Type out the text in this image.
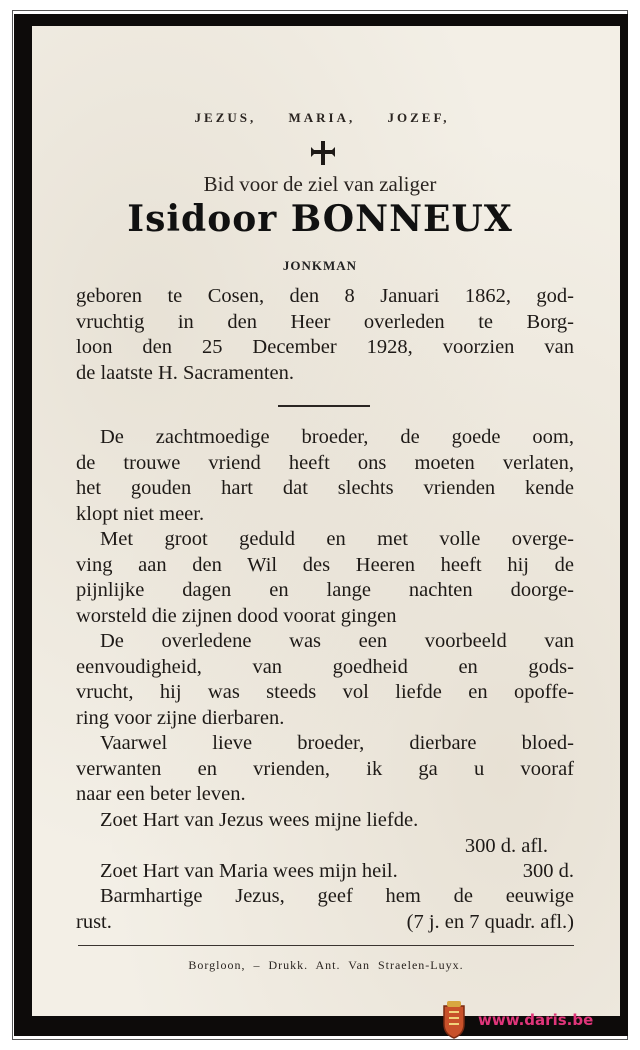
JEZUS, MARIA, JOZEF,
Bid voor de ziel van zaliger
Isidoor BONNEUX
JONKMAN
geboren te Cosen, den 8 Januari 1862, god-
vruchtig in den Heer overleden te Borg-
loon den 25 December 1928, voorzien van
de laatste H. Sacramenten.
De zachtmoedige broeder, de goede oom,
de trouwe vriend heeft ons moeten verlaten,
het gouden hart dat slechts vrienden kende
klopt niet meer.
Met groot geduld en met volle overge-
ving aan den Wil des Heeren heeft hij de
pijnlijke dagen en lange nachten doorge-
worsteld die zijnen dood voorat gingen
De overledene was een voorbeeld van
eenvoudigheid, van goedheid en gods-
vrucht, hij was steeds vol liefde en opoffe-
ring voor zijne dierbaren.
Vaarwel lieve broeder, dierbare bloed-
verwanten en vrienden, ik ga u vooraf
naar een beter leven.
Zoet Hart van Jezus wees mijne liefde.
300 d. afl.
Zoet Hart van Maria wees mijn heil.	300 d.
Barmhartige Jezus, geef hem de eeuwige
rust.	(7 j. en 7 quadr. afl.)
Borgloon, – Drukk. Ant. Van Straelen-Luyx.
www.daris.be
